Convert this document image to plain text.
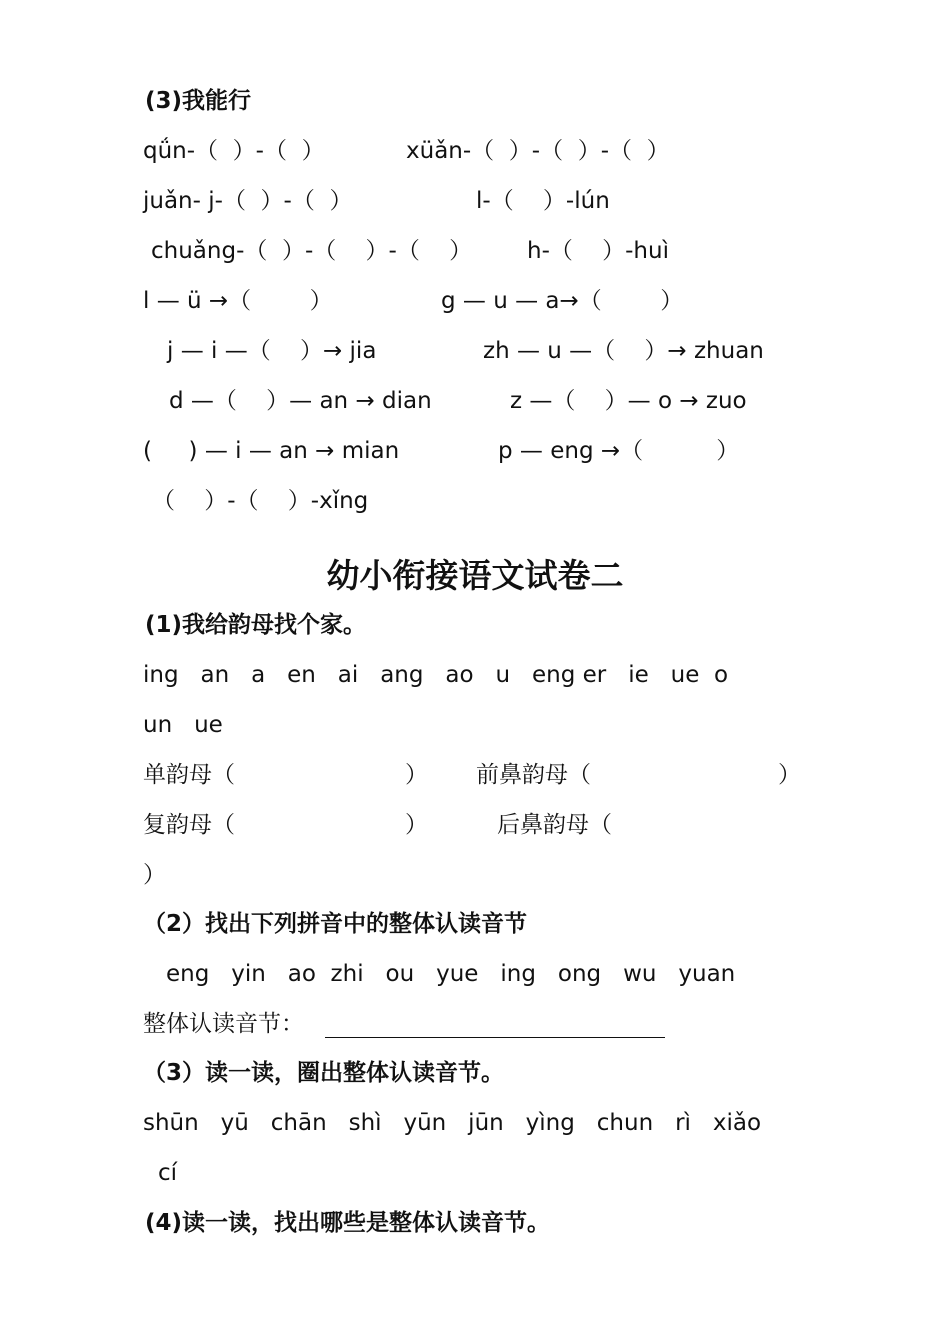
(3)我能行
qǘn-（  ）-（  ）	xüǎn-（  ）-（  ）-（  ）
juǎn- j-（  ）-（  ）	l-（    ）-lún
chuǎng-（  ）-（    ）-（    ） h-（    ）-huì
l — ü →（        ）	g — u — a→（        ）
j — i —（    ）→ jia	zh — u —（    ）→ zhuan
d —（    ）— an → dian	z —（    ）— o → zuo
(     ) — i — an → mian	p — eng →（          ）
（    ）-（    ）-xǐng
幼小衔接语文试卷二
(1)我给韵母找个家。
ing   an   a   en   ai   ang   ao   u   eng er   ie   ue  o
un   ue
单韵母（	） 前鼻韵母（	）
复韵母（	）	后鼻韵母（
）
（2）找出下列拼音中的整体认读音节
eng   yin   ao  zhi   ou   yue   ing   ong   wu   yuan
整体认读音节：
（3）读一读，圈出整体认读音节。
shūn   yū   chān   shì   yūn   jūn   yìng   chun   rì   xiǎo
cí
(4)读一读，找出哪些是整体认读音节。
